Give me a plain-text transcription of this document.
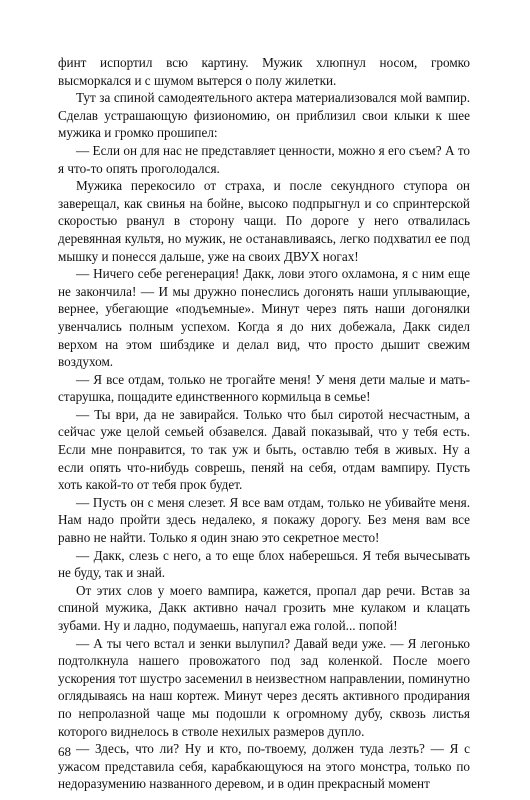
финт испортил всю картину. Мужик хлюпнул носом, громко высморкался и с шумом вытерся о полу жилетки.

Тут за спиной самодеятельного актера материализовался мой вампир. Сделав устрашающую физиономию, он приблизил свои клыки к шее мужика и громко прошипел:

— Если он для нас не представляет ценности, можно я его съем? А то я что-то опять проголодался.

Мужика перекосило от страха, и после секундного ступора он заверещал, как свинья на бойне, высоко подпрыгнул и со спринтерской скоростью рванул в сторону чащи. По дороге у него отвалилась деревянная культя, но мужик, не останавливаясь, легко подхватил ее под мышку и понесся дальше, уже на своих ДВУХ ногах!

— Ничего себе регенерация! Дакк, лови этого охламона, я с ним еще не закончила! — И мы дружно понеслись догонять наши уплывающие, вернее, убегающие «подъемные». Минут через пять наши догонялки увенчались полным успехом. Когда я до них добежала, Дакк сидел верхом на этом шибздике и делал вид, что просто дышит свежим воздухом.

— Я все отдам, только не трогайте меня! У меня дети малые и мать-старушка, пощадите единственного кормильца в семье!

— Ты ври, да не завирайся. Только что был сиротой несчастным, а сейчас уже целой семьей обзавелся. Давай показывай, что у тебя есть. Если мне понравится, то так уж и быть, оставлю тебя в живых. Ну а если опять что-нибудь соврешь, пеняй на себя, отдам вампиру. Пусть хоть какой-то от тебя прок будет.

— Пусть он с меня слезет. Я все вам отдам, только не убивайте меня. Нам надо пройти здесь недалеко, я покажу дорогу. Без меня вам все равно не найти. Только я один знаю это секретное место!

— Дакк, слезь с него, а то еще блох наберешься. Я тебя вычесывать не буду, так и знай.

От этих слов у моего вампира, кажется, пропал дар речи. Встав за спиной мужика, Дакк активно начал грозить мне кулаком и клацать зубами. Ну и ладно, подумаешь, напугал ежа голой... попой!

— А ты чего встал и зенки вылупил? Давай веди уже. — Я легонько подтолкнула нашего провожатого под зад коленкой. После моего ускорения тот шустро засеменил в неизвестном направлении, поминутно оглядываясь на наш кортеж. Минут через десять активного продирания по непролазной чаще мы подошли к огромному дубу, сквозь листья которого виднелось в стволе нехилых размеров дупло.

— Здесь, что ли? Ну и кто, по-твоему, должен туда лезть? — Я с ужасом представила себя, карабкающуюся на этого монстра, только по недоразумению названного деревом, и в один прекрасный момент

68
